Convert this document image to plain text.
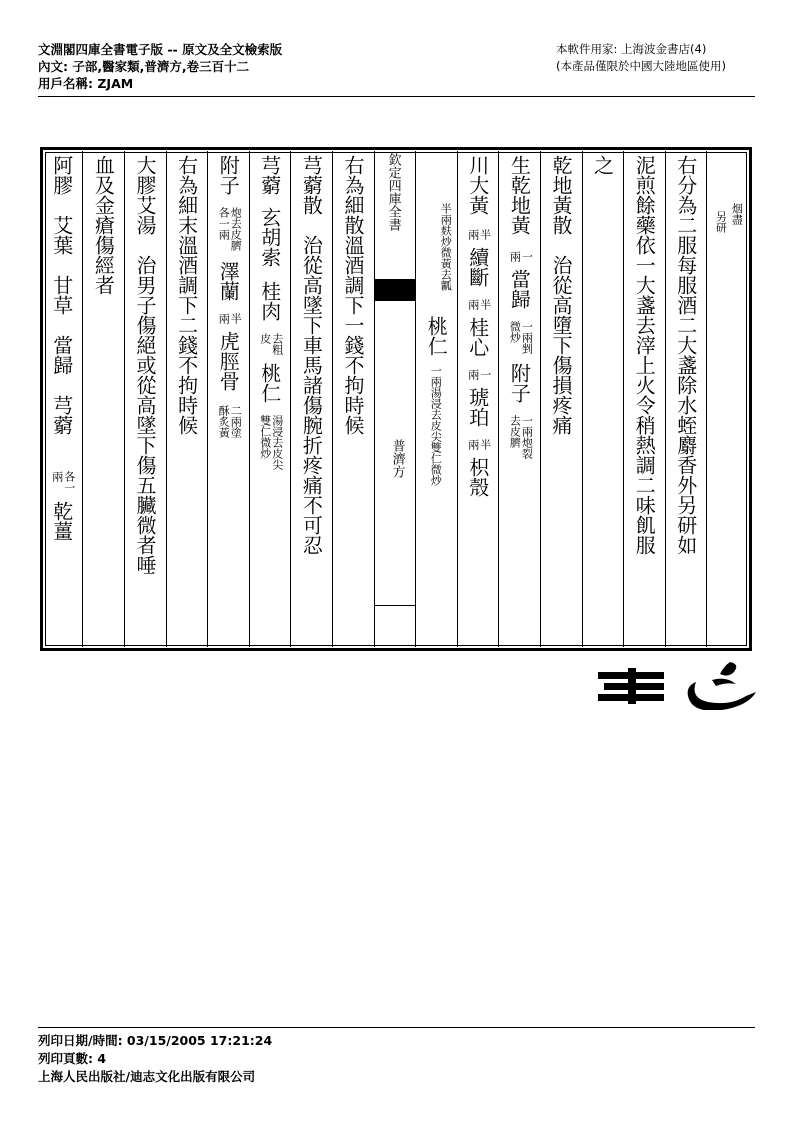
文淵閣四庫全書電子版 -- 原文及全文檢索版
內文: 子部,醫家類,普濟方,卷三百十二
用戶名稱: ZJAM
本軟件用家: 上海波金書店(4)
(本產品僅限於中國大陸地區使用)
烟盡
另研
右分為二服每服酒二大盞除水蛭麝香外另研如
泥煎餘藥依一大盞去滓上火令稍熱調二味飢服
之
乾地黃散　治從高墮下傷損疼痛
生乾地黃
一兩
當歸
一兩剉微炒
附子
一兩炮裂去皮臍
川大黃
半兩
續斷
半兩
桂心
一兩
琥珀
半兩
枳殼
半兩麸炒微黃去瓤
桃仁
一兩湯浸去皮尖雙仁微炒
欽定四庫全書
普濟方
右為細散溫酒調下一錢不拘時候
芎藭散　治從高墜下車馬諸傷腕折疼痛不可忍
芎藭
玄胡索
桂肉
去粗皮
桃仁
湯浸去皮尖雙仁微炒
附子
炮去皮臍各一兩
澤蘭
半兩
虎脛骨
二兩塗酥炙黃
右為細末溫酒調下二錢不拘時候
大膠艾湯　治男子傷絕或從高墜下傷五臟微者唾
血及金瘡傷經者
阿膠　艾葉　甘草　當歸　芎藭
各一兩
乾薑
列印日期/時間: 03/15/2005 17:21:24
列印頁數: 4
上海人民出版社/迪志文化出版有限公司
